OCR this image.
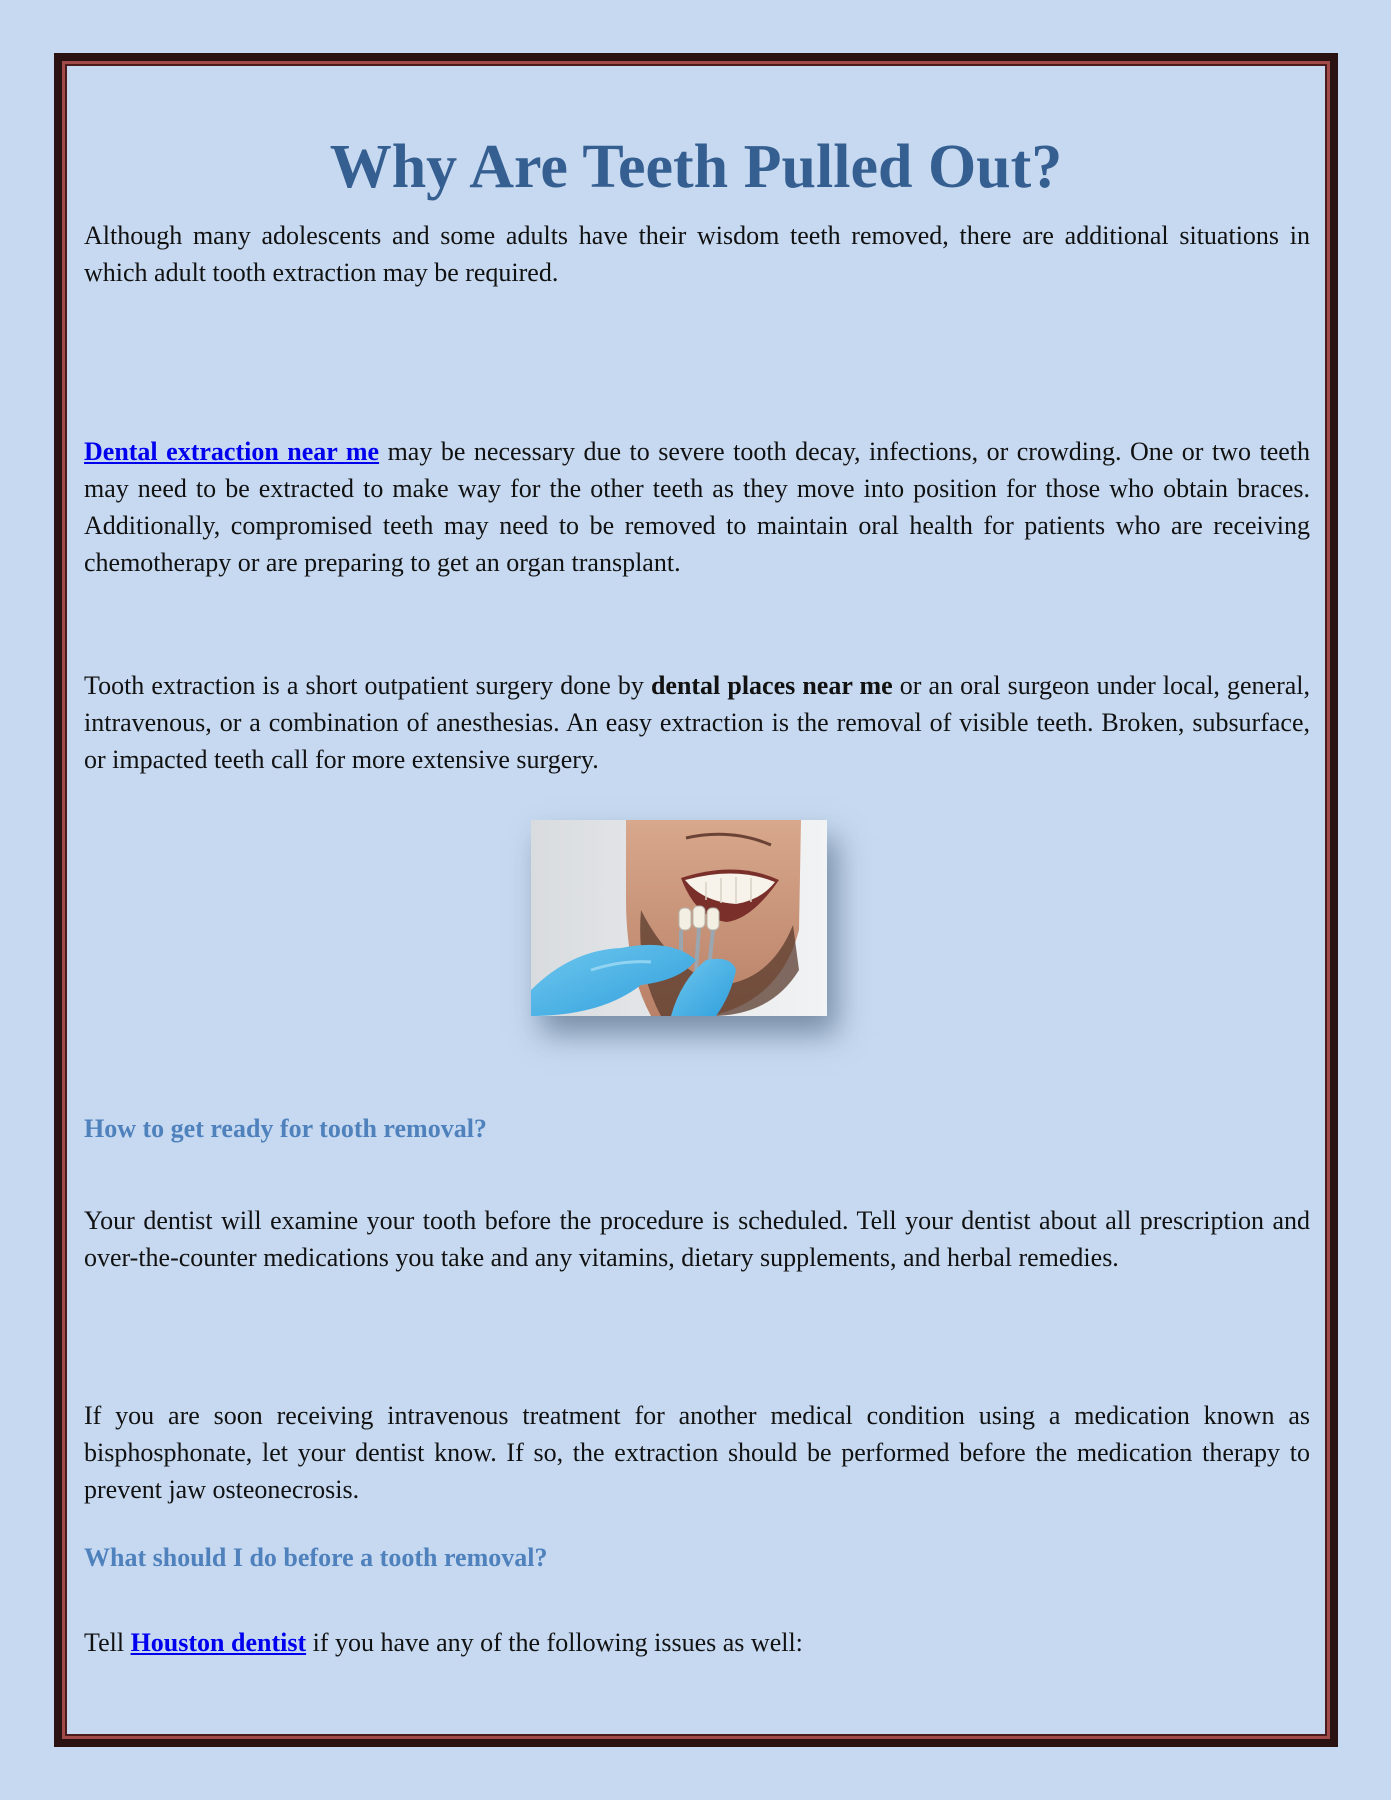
Why Are Teeth Pulled Out?

Although many adolescents and some adults have their wisdom teeth removed, there are additional situations in which adult tooth extraction may be required.

Dental extraction near me may be necessary due to severe tooth decay, infections, or crowding. One or two teeth may need to be extracted to make way for the other teeth as they move into position for those who obtain braces. Additionally, compromised teeth may need to be removed to maintain oral health for patients who are receiving chemotherapy or are preparing to get an organ transplant.

Tooth extraction is a short outpatient surgery done by dental places near me or an oral surgeon under local, general, intravenous, or a combination of anesthesias. An easy extraction is the removal of visible teeth. Broken, subsurface, or impacted teeth call for more extensive surgery.

How to get ready for tooth removal?

Your dentist will examine your tooth before the procedure is scheduled. Tell your dentist about all prescription and over-the-counter medications you take and any vitamins, dietary supplements, and herbal remedies.

If you are soon receiving intravenous treatment for another medical condition using a medication known as bisphosphonate, let your dentist know. If so, the extraction should be performed before the medication therapy to prevent jaw osteonecrosis.

What should I do before a tooth removal?

Tell Houston dentist if you have any of the following issues as well:
